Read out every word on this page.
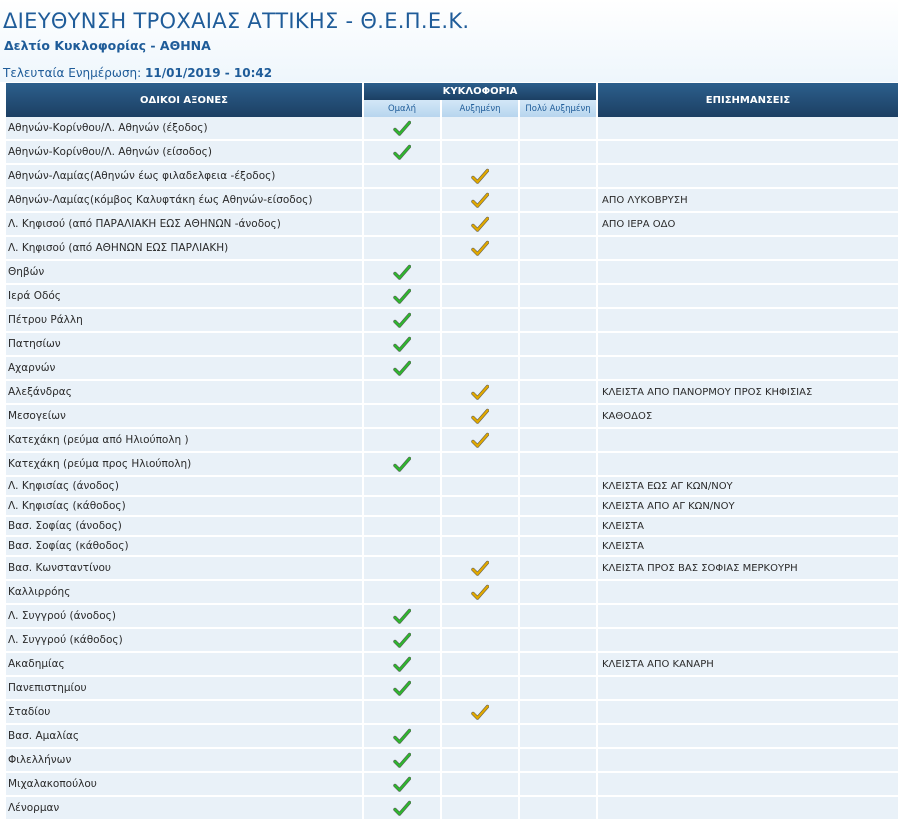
ΔΙΕΥΘΥΝΣΗ ΤΡΟΧΑΙΑΣ ΑΤΤΙΚΗΣ - Θ.Ε.Π.Ε.Κ.
Δελτίο Κυκλοφορίας - ΑΘΗΝΑ
Τελευταία Ενημέρωση: 11/01/2019 - 10:42
ΟΔΙΚΟΙ ΑΞΟΝΕΣ	ΚΥΚΛΟΦΟΡΙΑ			ΕΠΙΣΗΜΑΝΣΕΙΣ
	Ομαλή	Αυξημένη	Πολύ Αυξημένη	
Αθηνών-Κορίνθου/Λ. Αθηνών (έξοδος)				
Αθηνών-Κορίνθου/Λ. Αθηνών (είσοδος)				
Αθηνών-Λαμίας(Αθηνών έως φιλαδελφεια -έξοδος)				
Αθηνών-Λαμίας(κόμβος Καλυφτάκη έως Αθηνών-είσοδος)				ΑΠΟ ΛΥΚΟΒΡΥΣΗ
Λ. Κηφισού (από ΠΑΡΑΛΙΑΚΗ ΕΩΣ ΑΘΗΝΩΝ -άνοδος)				ΑΠΟ ΙΕΡΑ ΟΔΟ
Λ. Κηφισού (από ΑΘΗΝΩΝ ΕΩΣ ΠΑΡΛΙΑΚΗ)				
Θηβών				
Ιερά Οδός				
Πέτρου Ράλλη				
Πατησίων				
Αχαρνών				
Αλεξάνδρας				ΚΛΕΙΣΤΑ ΑΠΟ ΠΑΝΟΡΜΟΥ ΠΡΟΣ ΚΗΦΙΣΙΑΣ
Μεσογείων				ΚΑΘΟΔΟΣ
Κατεχάκη (ρεύμα από Ηλιούπολη )				
Κατεχάκη (ρεύμα προς Ηλιούπολη)				
Λ. Κηφισίας (άνοδος)				ΚΛΕΙΣΤΑ ΕΩΣ ΑΓ ΚΩΝ/ΝΟΥ
Λ. Κηφισίας (κάθοδος)				ΚΛΕΙΣΤΑ ΑΠΟ ΑΓ ΚΩΝ/ΝΟΥ
Βασ. Σοφίας (άνοδος)				ΚΛΕΙΣΤΑ
Βασ. Σοφίας (κάθοδος)				ΚΛΕΙΣΤΑ
Βασ. Κωνσταντίνου				ΚΛΕΙΣΤΑ ΠΡΟΣ ΒΑΣ ΣΟΦΙΑΣ ΜΕΡΚΟΥΡΗ
Καλλιρρόης				
Λ. Συγγρού (άνοδος)				
Λ. Συγγρού (κάθοδος)				
Ακαδημίας				ΚΛΕΙΣΤΑ ΑΠΟ ΚΑΝΑΡΗ
Πανεπιστημίου				
Σταδίου				
Βασ. Αμαλίας				
Φιλελλήνων				
Μιχαλακοπούλου				
Λένορμαν				
